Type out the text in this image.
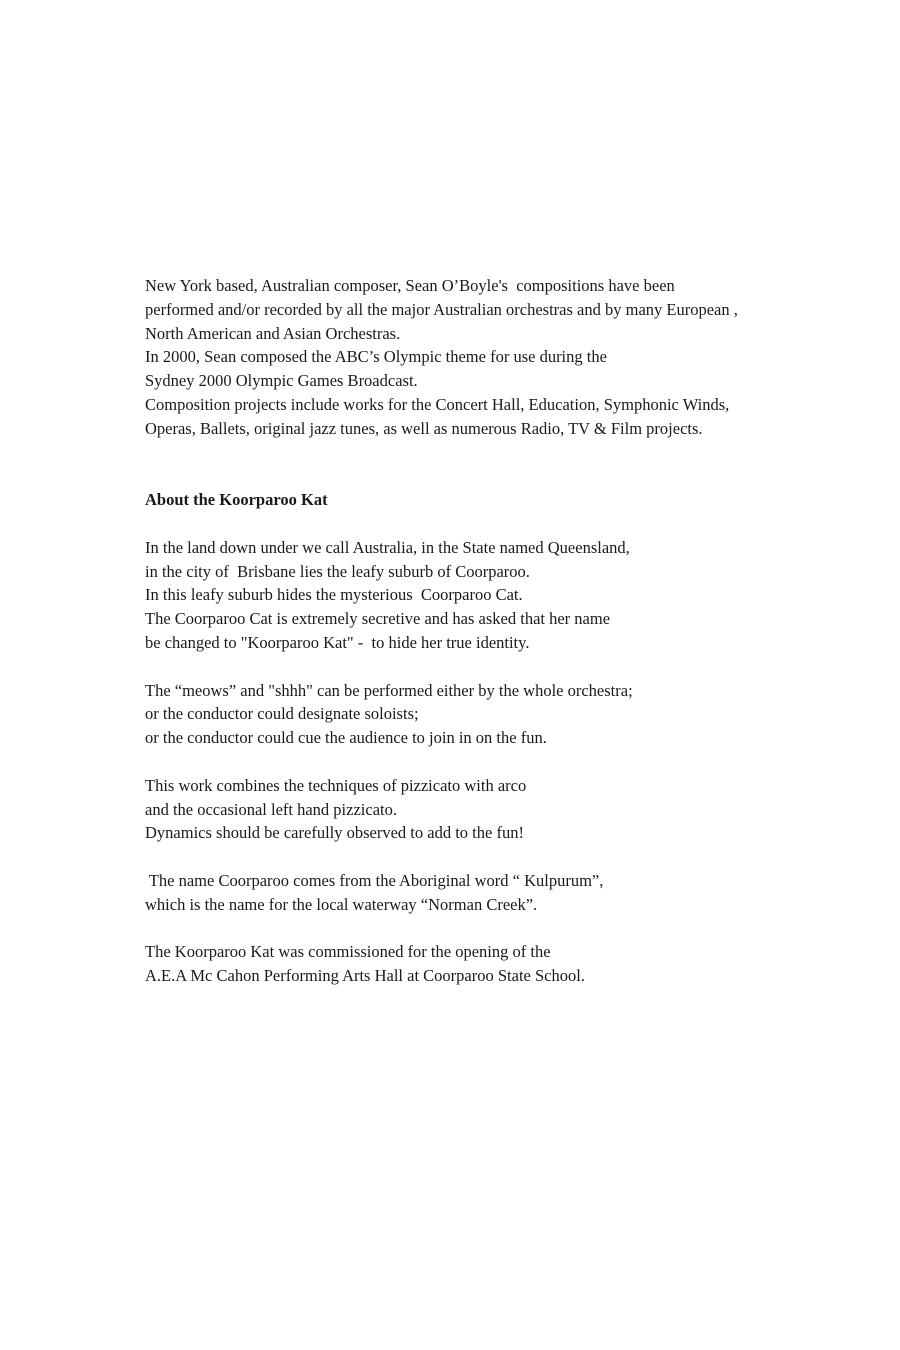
New York based, Australian composer, Sean O’Boyle's  compositions have been
performed and/or recorded by all the major Australian orchestras and by many European ,
North American and Asian Orchestras.
In 2000, Sean composed the ABC’s Olympic theme for use during the
Sydney 2000 Olympic Games Broadcast.
Composition projects include works for the Concert Hall, Education, Symphonic Winds,
Operas, Ballets, original jazz tunes, as well as numerous Radio, TV & Film projects.
About the Koorparoo Kat
In the land down under we call Australia, in the State named Queensland,
in the city of  Brisbane lies the leafy suburb of Coorparoo.
In this leafy suburb hides the mysterious  Coorparoo Cat.
The Coorparoo Cat is extremely secretive and has asked that her name
be changed to "Koorparoo Kat" -  to hide her true identity.
The “meows” and "shhh" can be performed either by the whole orchestra;
or the conductor could designate soloists;
or the conductor could cue the audience to join in on the fun.
This work combines the techniques of pizzicato with arco
and the occasional left hand pizzicato.
Dynamics should be carefully observed to add to the fun!
The name Coorparoo comes from the Aboriginal word “ Kulpurum”,
which is the name for the local waterway “Norman Creek”.
The Koorparoo Kat was commissioned for the opening of the
A.E.A Mc Cahon Performing Arts Hall at Coorparoo State School.
